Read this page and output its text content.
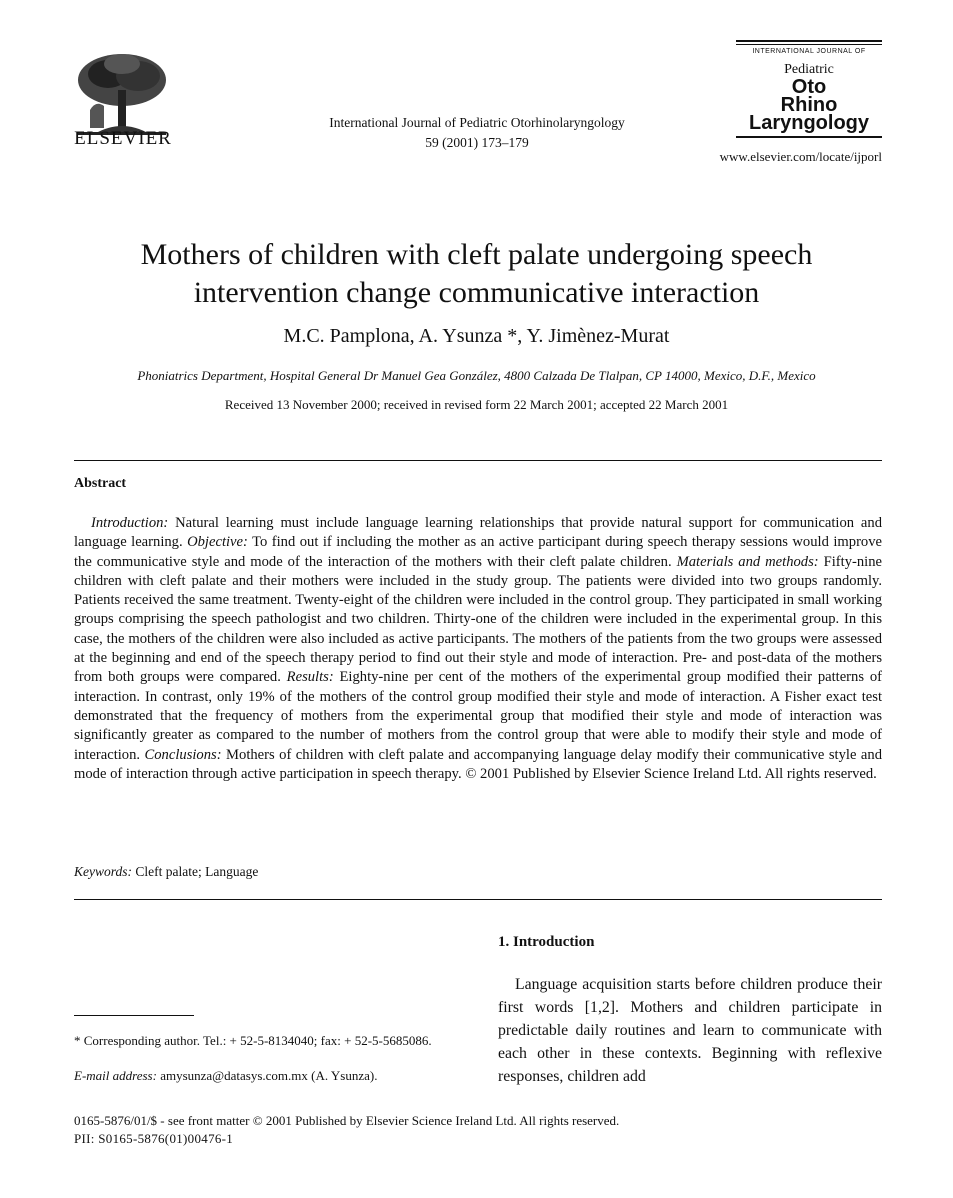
ELSEVIER
International Journal of Pediatric Otorhinolaryngology
59 (2001) 173–179
INTERNATIONAL JOURNAL OF
Pediatric
Oto
Rhino
Laryngology
www.elsevier.com/locate/ijporl
Mothers of children with cleft palate undergoing speech
intervention change communicative interaction
M.C. Pamplona, A. Ysunza *, Y. Jimènez-Murat
Phoniatrics Department, Hospital General Dr Manuel Gea González, 4800 Calzada De Tlalpan, CP 14000, Mexico, D.F., Mexico
Received 13 November 2000; received in revised form 22 March 2001; accepted 22 March 2001
Abstract
Introduction: Natural learning must include language learning relationships that provide natural support for communication and language learning. Objective: To find out if including the mother as an active participant during speech therapy sessions would improve the communicative style and mode of the interaction of the mothers with their cleft palate children. Materials and methods: Fifty-nine children with cleft palate and their mothers were included in the study group. The patients were divided into two groups randomly. Patients received the same treatment. Twenty-eight of the children were included in the control group. They participated in small working groups comprising the speech pathologist and two children. Thirty-one of the children were included in the experimental group. In this case, the mothers of the children were also included as active participants. The mothers of the patients from the two groups were assessed at the beginning and end of the speech therapy period to find out their style and mode of interaction. Pre- and post-data of the mothers from both groups were compared. Results: Eighty-nine per cent of the mothers of the experimental group modified their patterns of interaction. In contrast, only 19% of the mothers of the control group modified their style and mode of interaction. A Fisher exact test demonstrated that the frequency of mothers from the experimental group that modified their style and mode of interaction was significantly greater as compared to the number of mothers from the control group that were able to modify their style and mode of interaction. Conclusions: Mothers of children with cleft palate and accompanying language delay modify their communicative style and mode of interaction through active participation in speech therapy. © 2001 Published by Elsevier Science Ireland Ltd. All rights reserved.
Keywords: Cleft palate; Language
1. Introduction
Language acquisition starts before children produce their first words [1,2]. Mothers and children participate in predictable daily routines and learn to communicate with each other in these contexts. Beginning with reflexive responses, children add
* Corresponding author. Tel.: + 52-5-8134040; fax: + 52-5-5685086.
E-mail address: amysunza@datasys.com.mx (A. Ysunza).
0165-5876/01/$ - see front matter © 2001 Published by Elsevier Science Ireland Ltd. All rights reserved.
PII: S0165-5876(01)00476-1
